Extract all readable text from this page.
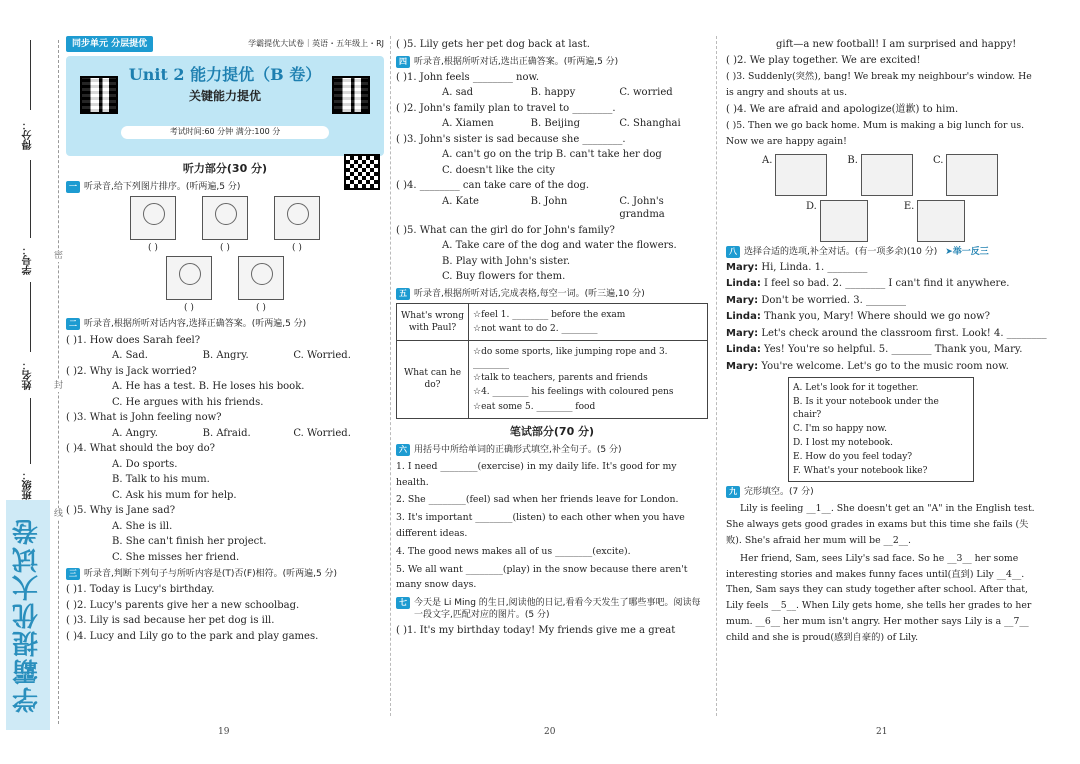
得分：
学号：
姓名：
班级：
密
封
线
学霸提优大试卷
同步单元 分层提优	学霸提优大试卷｜英语・五年级上・RJ
Unit 2 能力提优（B 卷）
关键能力提优
考试时间:60 分钟 满分:100 分
听力部分(30 分)
一 听录音,给下列图片排序。(听两遍,5 分)
( )	( )	( )
( )	( )
二 听录音,根据所听对话内容,选择正确答案。(听两遍,5 分)
( )1. How does Sarah feel?
A. Sad.	B. Angry.	C. Worried.
( )2. Why is Jack worried?
A. He has a test. B. He loses his book.
C. He argues with his friends.
( )3. What is John feeling now?
A. Angry.	B. Afraid.	C. Worried.
( )4. What should the boy do?
A. Do sports.
B. Talk to his mum.
C. Ask his mum for help.
( )5. Why is Jane sad?
A. She is ill.
B. She can't finish her project.
C. She misses her friend.
三 听录音,判断下列句子与所听内容是(T)否(F)相符。(听两遍,5 分)
( )1. Today is Lucy's birthday.
( )2. Lucy's parents give her a new schoolbag.
( )3. Lily is sad because her pet dog is ill.
( )4. Lucy and Lily go to the park and play games.
( )5. Lily gets her pet dog back at last.
四 听录音,根据所听对话,选出正确答案。(听两遍,5 分)
( )1. John feels ________ now.
A. sad	B. happy	C. worried
( )2. John's family plan to travel to ________.
A. Xiamen	B. Beijing	C. Shanghai
( )3. John's sister is sad because she ________.
A. can't go on the trip B. can't take her dog
C. doesn't like the city
( )4. ________ can take care of the dog.
A. Kate	B. John	C. John's grandma
( )5. What can the girl do for John's family?
A. Take care of the dog and water the flowers.
B. Play with John's sister.
C. Buy flowers for them.
五 听录音,根据所听对话,完成表格,每空一词。(听三遍,10 分)
What's wrong with Paul?	☆feel 1. ________ before the exam

☆not want to do 2. ________

What can he do?	☆do some sports, like jumping rope and 3. ________

☆talk to teachers, parents and friends

☆4. ________ his feelings with coloured pens

☆eat some 5. ________ food

笔试部分(70 分)
六 用括号中所给单词的正确形式填空,补全句子。(5 分)
1. I need ________(exercise) in my daily life. It's good for my health.
2. She ________(feel) sad when her friends leave for London.
3. It's important ________(listen) to each other when you have different ideas.
4. The good news makes all of us ________(excite).
5. We all want ________(play) in the snow because there aren't many snow days.
七 今天是 Li Ming 的生日,阅读他的日记,看看今天发生了哪些事吧。阅读每一段文字,匹配对应的图片。(5 分)
( )1. It's my birthday today! My friends give me a great
gift—a new football! I am surprised and happy!
( )2. We play together. We are excited!
( )3. Suddenly(突然), bang! We break my neighbour's window. He is angry and shouts at us.
( )4. We are afraid and apologize(道歉) to him.
( )5. Then we go back home. Mum is making a big lunch for us. Now we are happy again!
A.	B.	C.
D.	E.
八 选择合适的选项,补全对话。(有一项多余)(10 分) ➤举一反三
Mary: Hi, Linda. 1. ________
Linda: I feel so bad. 2. ________ I can't find it anywhere.
Mary: Don't be worried. 3. ________
Linda: Thank you, Mary! Where should we go now?
Mary: Let's check around the classroom first. Look! 4. ________
Linda: Yes! You're so helpful. 5. ________ Thank you, Mary.
Mary: You're welcome. Let's go to the music room now.
A. Let's look for it together.
B. Is it your notebook under the chair?
C. I'm so happy now.
D. I lost my notebook.
E. How do you feel today?
F. What's your notebook like?
九 完形填空。(7 分)
Lily is feeling __1__. She doesn't get an "A" in the English test. She always gets good grades in exams but this time she fails (失败). She's afraid her mum will be __2__.
Her friend, Sam, sees Lily's sad face. So he __3__ her some interesting stories and makes funny faces until(直到) Lily __4__. Then, Sam says they can study together after school. After that, Lily feels __5__. When Lily gets home, she tells her grades to her mum. __6__ her mum isn't angry. Her mother says Lily is a __7__ child and she is proud(感到自豪的) of Lily.
19	20	21
